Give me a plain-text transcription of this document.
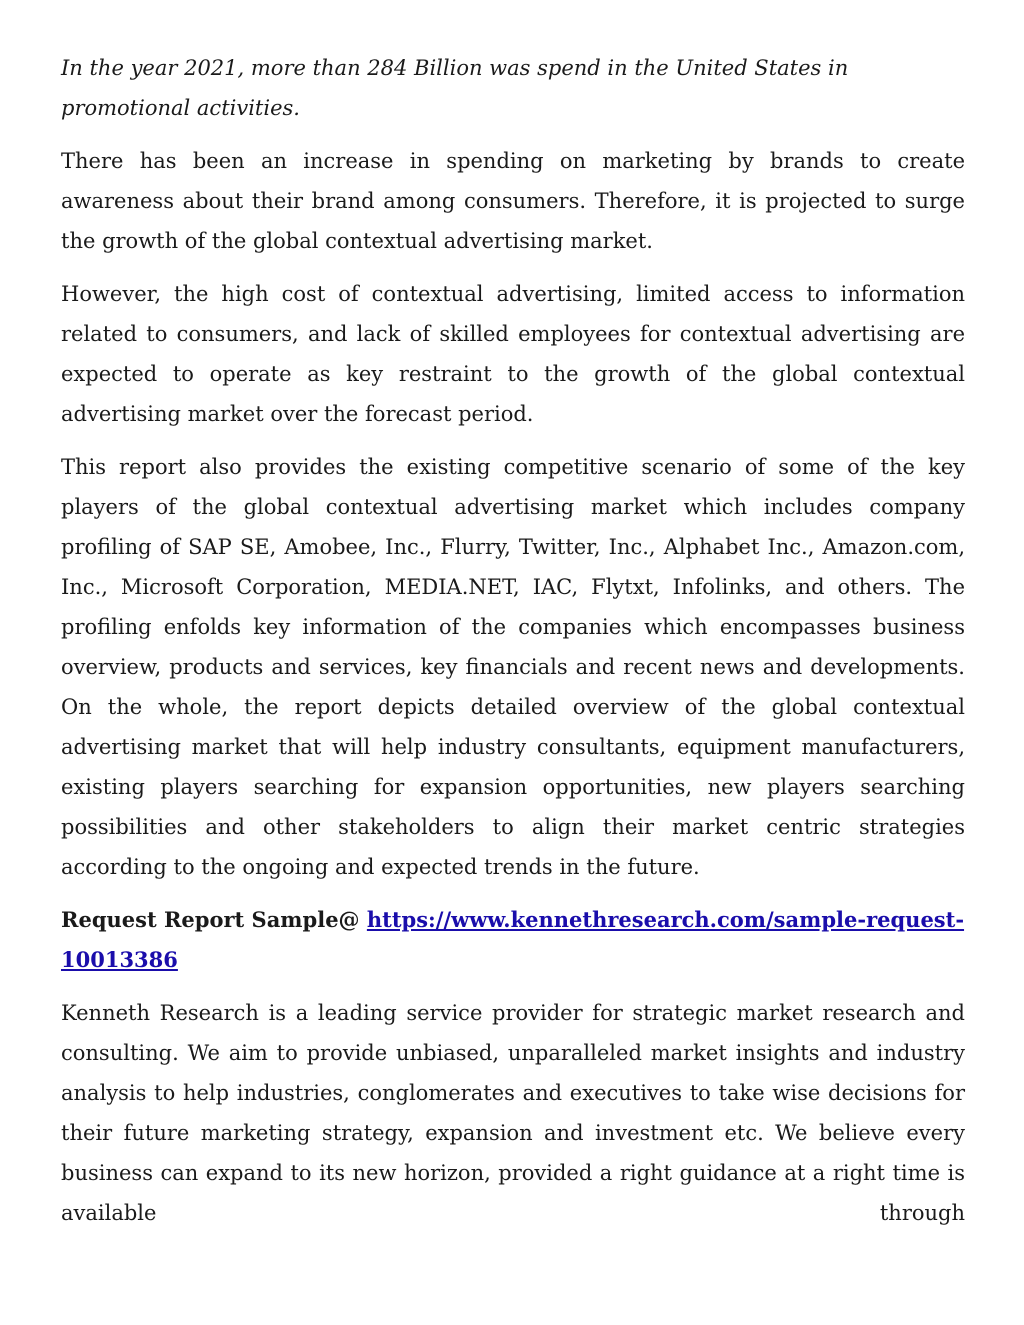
In the year 2021, more than 284 Billion was spend in the United States in promotional activities.

There has been an increase in spending on marketing by brands to create awareness about their brand among consumers. Therefore, it is projected to surge the growth of the global contextual advertising market.

However, the high cost of contextual advertising, limited access to information related to consumers, and lack of skilled employees for contextual advertising are expected to operate as key restraint to the growth of the global contextual advertising market over the forecast period.

This report also provides the existing competitive scenario of some of the key players of the global contextual advertising market which includes company profiling of SAP SE, Amobee, Inc., Flurry, Twitter, Inc., Alphabet Inc., Amazon.com, Inc., Microsoft Corporation, MEDIA.NET, IAC, Flytxt, Infolinks, and others. The profiling enfolds key information of the companies which encompasses business overview, products and services, key financials and recent news and developments. On the whole, the report depicts detailed overview of the global contextual advertising market that will help industry consultants, equipment manufacturers, existing players searching for expansion opportunities, new players searching possibilities and other stakeholders to align their market centric strategies according to the ongoing and expected trends in the future.

Request Report Sample@ https://www.kennethresearch.com/sample-request-10013386

Kenneth Research is a leading service provider for strategic market research and consulting. We aim to provide unbiased, unparalleled market insights and industry analysis to help industries, conglomerates and executives to take wise decisions for their future marketing strategy, expansion and investment etc. We believe every business can expand to its new horizon, provided a right guidance at a right time is available through
